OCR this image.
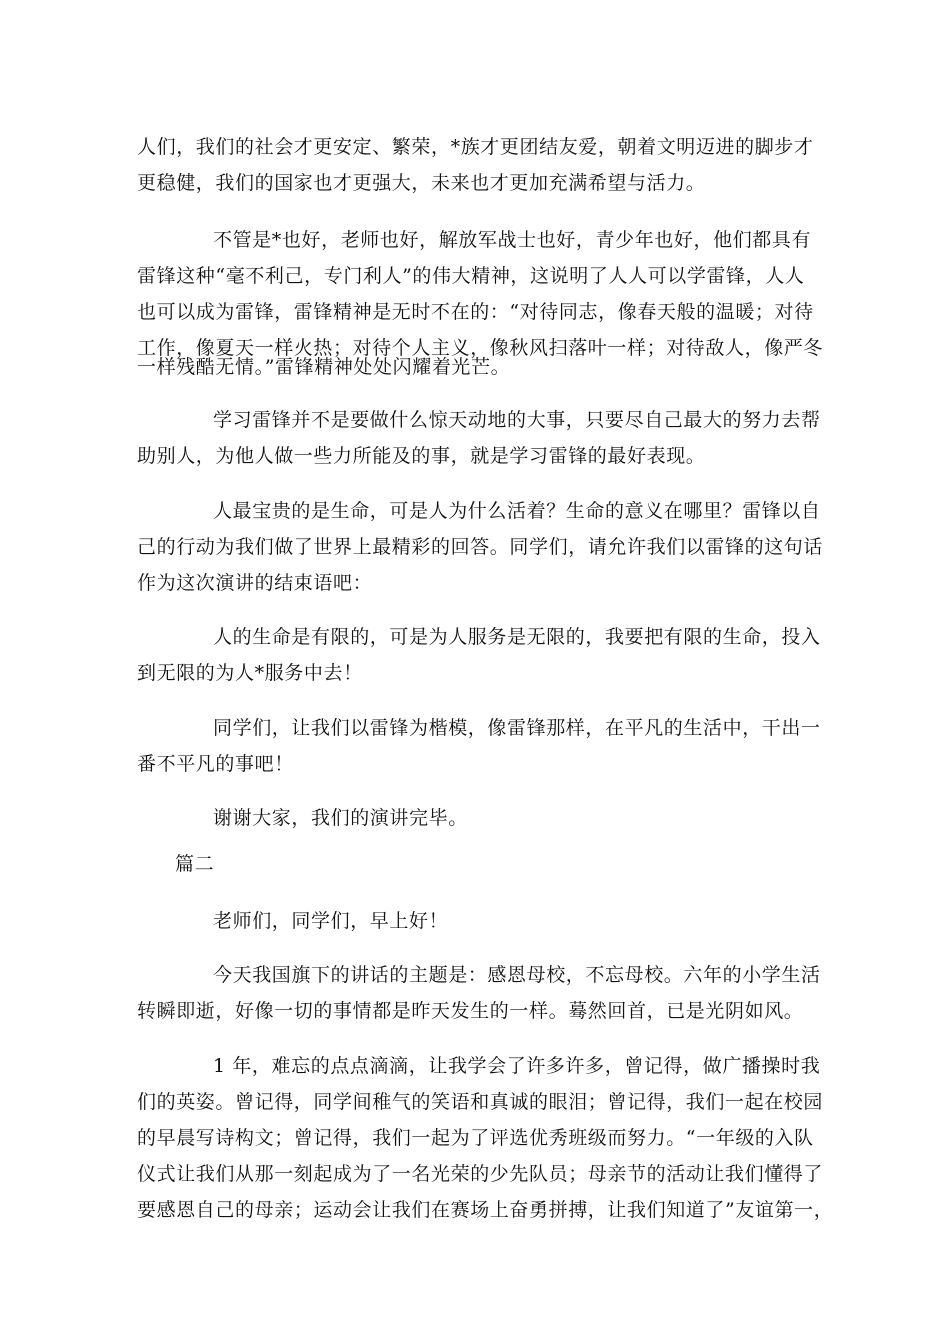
人们，我们的社会才更安定、繁荣，*族才更团结友爱，朝着文明迈进的脚步才
更稳健，我们的国家也才更强大，未来也才更加充满希望与活力。
不管是*也好，老师也好，解放军战士也好，青少年也好，他们都具有
雷锋这种“毫不利己，专门利人”的伟大精神，这说明了人人可以学雷锋，人人
也可以成为雷锋，雷锋精神是无时不在的：“对待同志，像春天般的温暖；对待
工作，像夏天一样火热；对待个人主义，像秋风扫落叶一样；对待敌人，像严冬
一样残酷无情。”雷锋精神处处闪耀着光芒。
学习雷锋并不是要做什么惊天动地的大事，只要尽自己最大的努力去帮
助别人，为他人做一些力所能及的事，就是学习雷锋的最好表现。
人最宝贵的是生命，可是人为什么活着？生命的意义在哪里？雷锋以自
己的行动为我们做了世界上最精彩的回答。同学们，请允许我们以雷锋的这句话
作为这次演讲的结束语吧：
人的生命是有限的，可是为人服务是无限的，我要把有限的生命，投入
到无限的为人*服务中去！
同学们，让我们以雷锋为楷模，像雷锋那样，在平凡的生活中，干出一
番不平凡的事吧！
谢谢大家，我们的演讲完毕。
篇二
老师们，同学们，早上好！
今天我国旗下的讲话的主题是：感恩母校，不忘母校。六年的小学生活
转瞬即逝，好像一切的事情都是昨天发生的一样。蓦然回首，已是光阴如风。
1 年，难忘的点点滴滴，让我学会了许多许多，曾记得，做广播操时我
们的英姿。曾记得，同学间稚气的笑语和真诚的眼泪；曾记得，我们一起在校园
的早晨写诗构文；曾记得，我们一起为了评选优秀班级而努力。“一年级的入队
仪式让我们从那一刻起成为了一名光荣的少先队员；母亲节的活动让我们懂得了
要感恩自己的母亲；运动会让我们在赛场上奋勇拼搏，让我们知道了”友谊第一，
